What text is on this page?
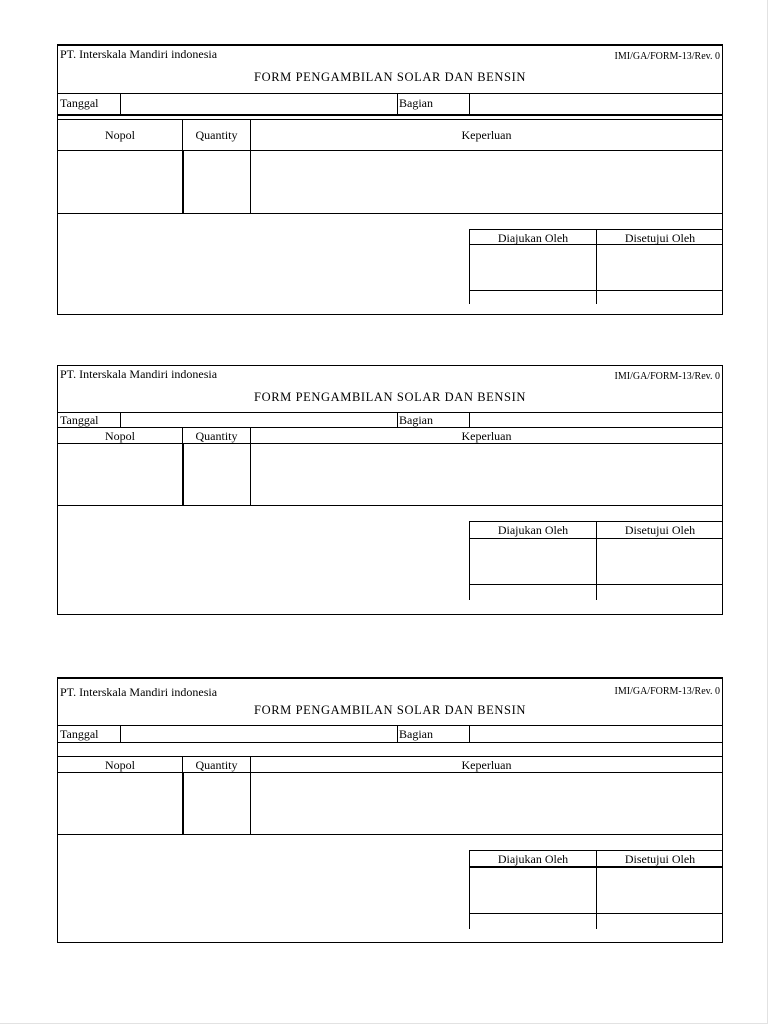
PT. Interskala Mandiri indonesia	IMI/GA/FORM-13/Rev. 0
FORM PENGAMBILAN SOLAR DAN BENSIN
Tanggal	Bagian
Nopol	Quantity	Keperluan
Diajukan Oleh	Disetujui Oleh
PT. Interskala Mandiri indonesia	IMI/GA/FORM-13/Rev. 0
FORM PENGAMBILAN SOLAR DAN BENSIN
Tanggal	Bagian
Nopol	Quantity	Keperluan
Diajukan Oleh	Disetujui Oleh
PT. Interskala Mandiri indonesia	IMI/GA/FORM-13/Rev. 0
FORM PENGAMBILAN SOLAR DAN BENSIN
Tanggal	Bagian
Nopol	Quantity	Keperluan
Diajukan Oleh	Disetujui Oleh
